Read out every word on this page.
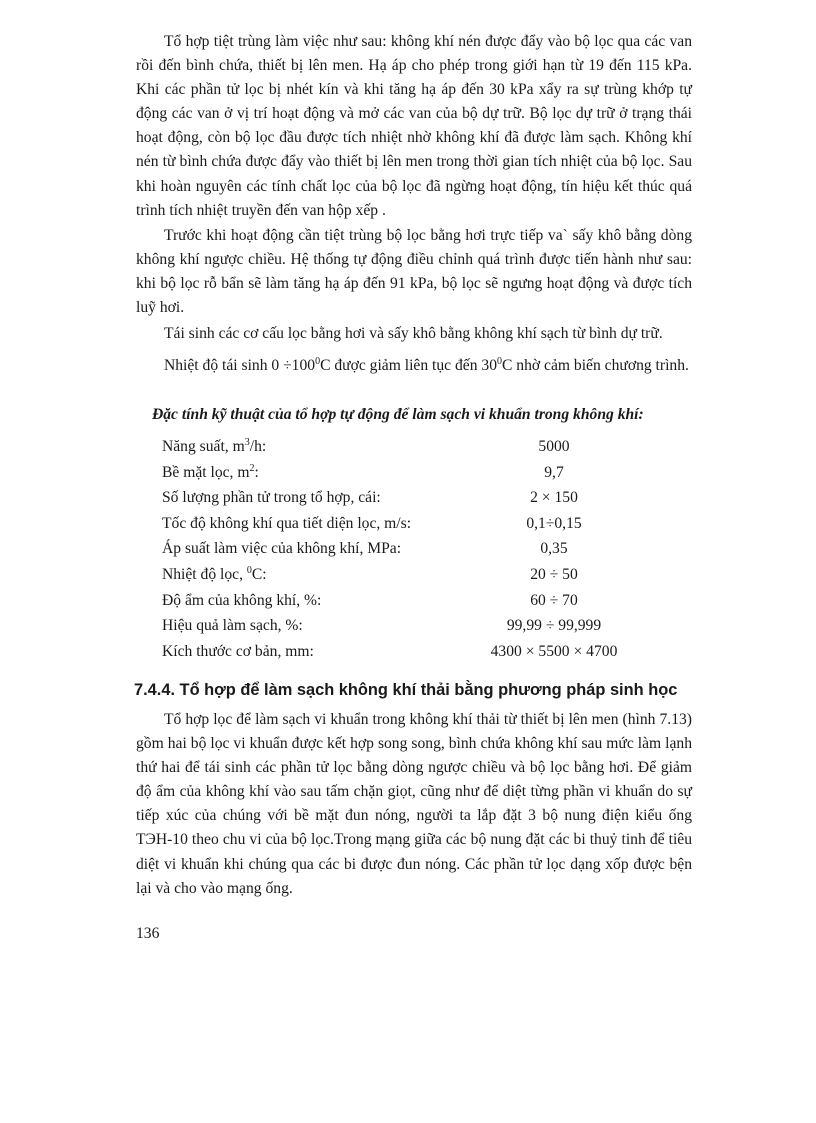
Tổ hợp tiệt trùng làm việc như sau: không khí nén được đẩy vào bộ lọc qua các van rồi đến bình chứa, thiết bị lên men. Hạ áp cho phép trong giới hạn từ 19 đến 115 kPa. Khi các phần tử lọc bị nhét kín và khi tăng hạ áp đến 30 kPa xẩy ra sự trùng khớp tự động các van ở vị trí hoạt động và mở các van của bộ dự trữ. Bộ lọc dự trữ ở trạng thái hoạt động, còn bộ lọc đầu được tích nhiệt nhờ không khí đã được làm sạch. Không khí nén từ bình chứa được đẩy vào thiết bị lên men trong thời gian tích nhiệt của bộ lọc. Sau khi hoàn nguyên các tính chất lọc của bộ lọc đã ngừng hoạt động, tín hiệu kết thúc quá trình tích nhiệt truyền đến van hộp xếp .

Trước khi hoạt động cần tiệt trùng bộ lọc bằng hơi trực tiếp va` sấy khô bằng dòng không khí ngược chiều. Hệ thống tự động điều chỉnh quá trình được tiến hành như sau: khi bộ lọc rỗ bẩn sẽ làm tăng hạ áp đến 91 kPa, bộ lọc sẽ ngưng hoạt động và được tích luỹ hơi.

Tái sinh các cơ cấu lọc bằng hơi và sấy khô bằng không khí sạch từ bình dự trữ.

Nhiệt độ tái $\sinh 0 \div 100^0C$ được giảm liên tục đến $30^0C$ nhờ cảm biến chương trình.

Đặc tính kỹ thuật của tổ hợp tự động để làm sạch vi khuẩn trong không khí:

Năng suất, $m^3/h$:	5000
Bề mặt lọc, $m^2$:	9,7
Số lượng phần tử trong tổ hợp, cái:	2 × 150
Tốc độ không khí qua tiết diện lọc, m/s:	0,1÷0,15
Áp suất làm việc của không khí, MPa:	0,35
Nhiệt độ lọc, $^0$C:	20 ÷ 50
Độ ẩm của không khí, %:	60 ÷ 70
Hiệu quả làm sạch, %:	99,99 ÷ 99,999
Kích thước cơ bản, mm:	4300 × 5500 × 4700

7.4.4. Tổ hợp để làm sạch không khí thải bằng phương pháp sinh học

Tổ hợp lọc để làm sạch vi khuẩn trong không khí thải từ thiết bị lên men (hình 7.13) gồm hai bộ lọc vi khuẩn được kết hợp song song, bình chứa không khí sau mức làm lạnh thứ hai để tái sinh các phần tử lọc bằng dòng ngược chiều và bộ lọc bằng hơi. Để giảm độ ẩm của không khí vào sau tấm chặn giọt, cũng như để diệt từng phần vi khuẩn do sự tiếp xúc của chúng với bề mặt đun nóng, người ta lắp đặt 3 bộ nung điện kiểu ống ТЭН-10 theo chu vi của bộ lọc.Trong mạng giữa các bộ nung đặt các bi thuỷ tinh để tiêu diệt vi khuẩn khi chúng qua các bi được đun nóng. Các phần tử lọc dạng xốp được bện lại và cho vào mạng ống.

136
